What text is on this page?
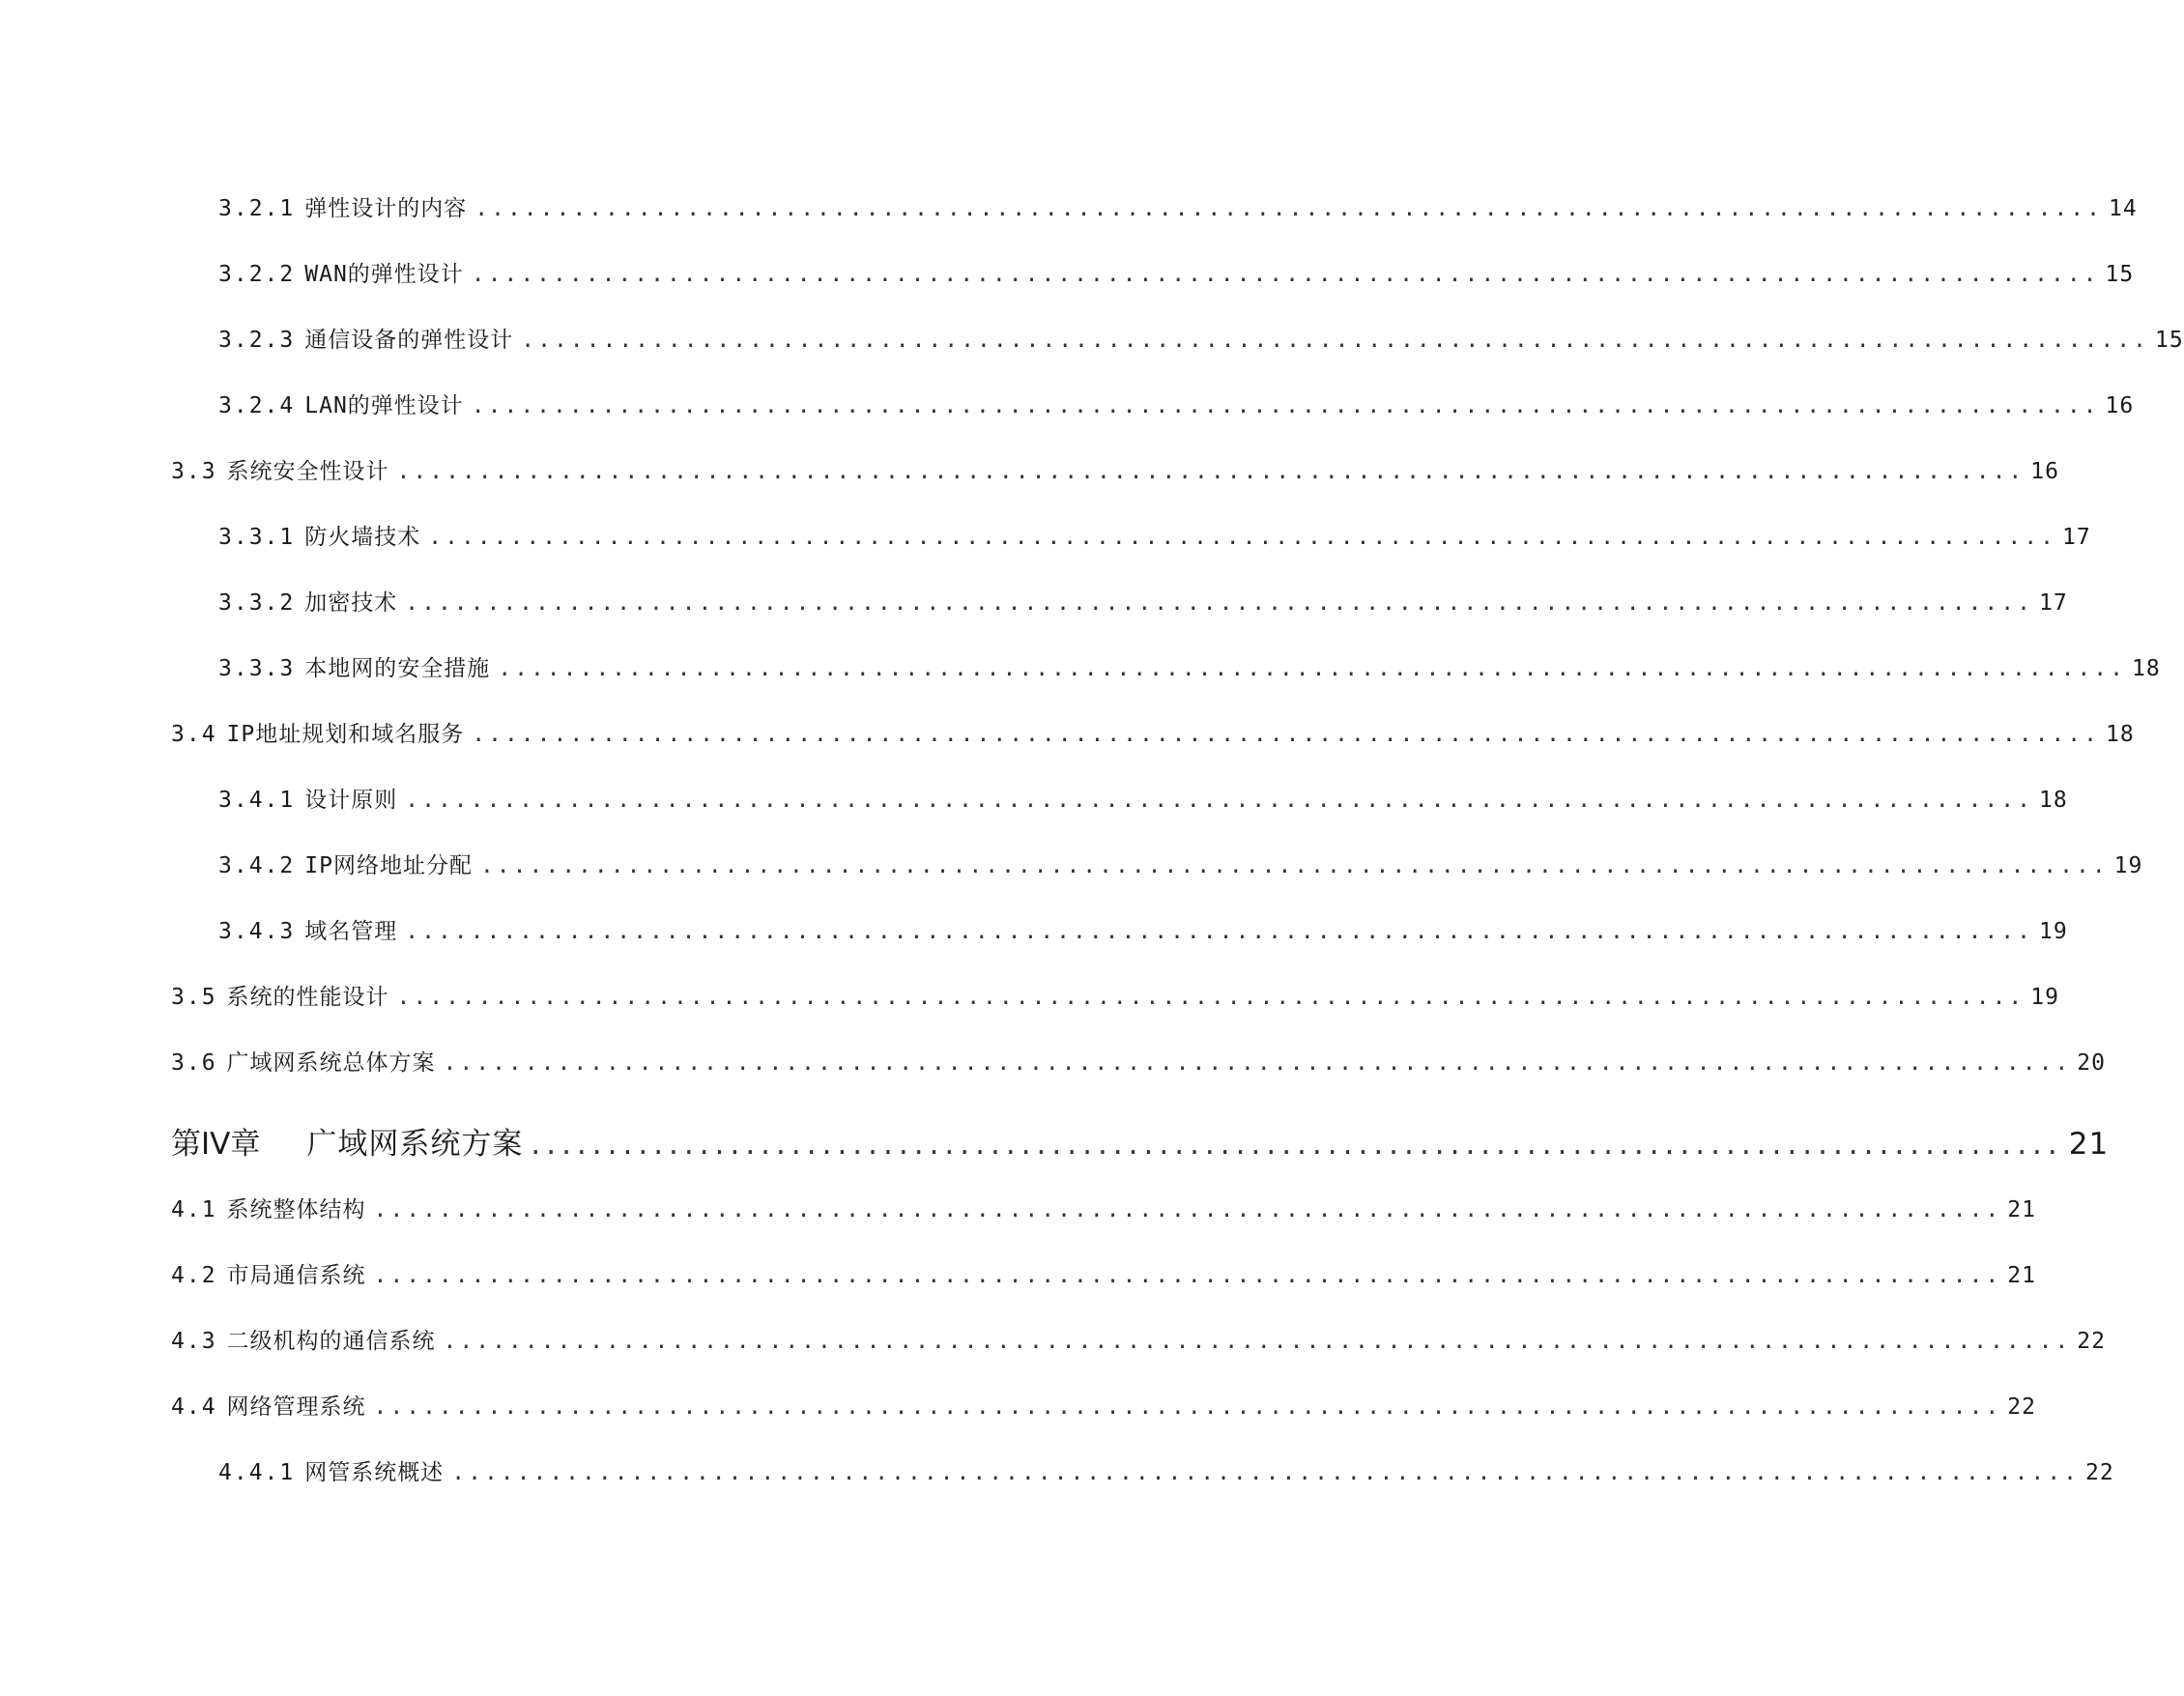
3.2.1 弹性设计的内容 .................................................................................................... 14
3.2.2 WAN的弹性设计 .................................................................................................... 15
3.2.3 通信设备的弹性设计 .................................................................................................... 15
3.2.4 LAN的弹性设计 .................................................................................................... 16
3.3 系统安全性设计 .................................................................................................... 16
3.3.1 防火墙技术 .................................................................................................... 17
3.3.2 加密技术 .................................................................................................... 17
3.3.3 本地网的安全措施 .................................................................................................... 18
3.4 IP地址规划和域名服务 .................................................................................................... 18
3.4.1 设计原则 .................................................................................................... 18
3.4.2 IP网络地址分配 .................................................................................................... 19
3.4.3 域名管理 .................................................................................................... 19
3.5 系统的性能设计 .................................................................................................... 19
3.6 广域网系统总体方案 .................................................................................................... 20
第IV章 广域网系统方案 .................................................................................................... 21
4.1 系统整体结构 .................................................................................................... 21
4.2 市局通信系统 .................................................................................................... 21
4.3 二级机构的通信系统 .................................................................................................... 22
4.4 网络管理系统 .................................................................................................... 22
4.4.1 网管系统概述 .................................................................................................... 22
